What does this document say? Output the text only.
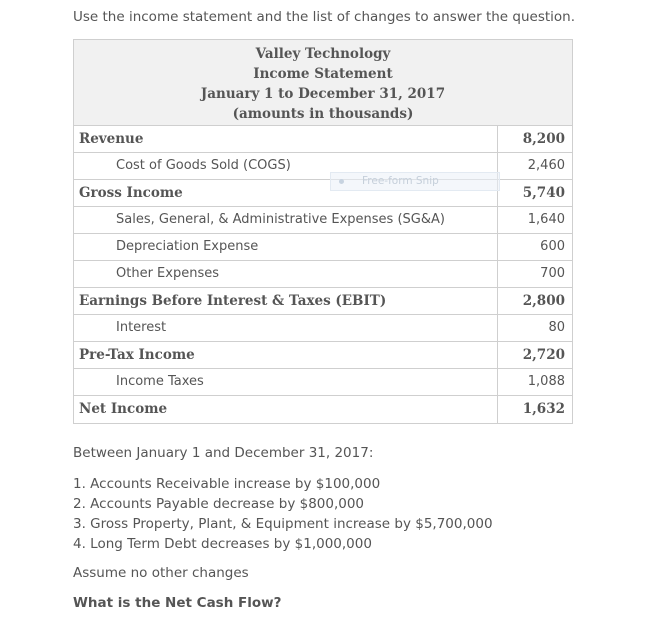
Use the income statement and the list of changes to answer the question.

Valley Technology
Income Statement
January 1 to December 31, 2017
(amounts in thousands)
Revenue	8,200
Cost of Goods Sold (COGS)	2,460
Gross Income	5,740
Sales, General, & Administrative Expenses (SG&A)	1,640
Depreciation Expense	600
Other Expenses	700
Earnings Before Interest & Taxes (EBIT)	2,800
Interest	80
Pre-Tax Income	2,720
Income Taxes	1,088
Net Income	1,632
Free-form Snip

Between January 1 and December 31, 2017:

1. Accounts Receivable increase by $100,000
2. Accounts Payable decrease by $800,000
3. Gross Property, Plant, & Equipment increase by $5,700,000
4. Long Term Debt decreases by $1,000,000

Assume no other changes

What is the Net Cash Flow?
